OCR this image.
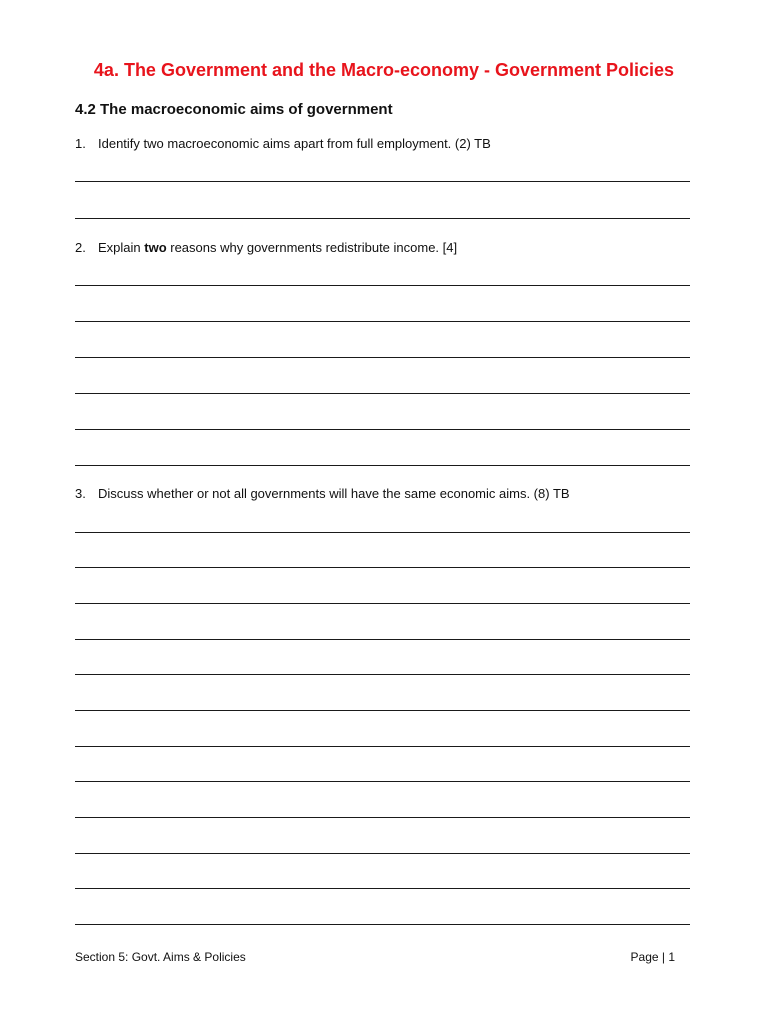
4a. The Government and the Macro-economy - Government Policies
4.2 The macroeconomic aims of government
1. Identify two macroeconomic aims apart from full employment. (2) TB
2. Explain two reasons why governments redistribute income. [4]
3. Discuss whether or not all governments will have the same economic aims. (8) TB
Section 5: Govt. Aims & Policies	Page | 1
